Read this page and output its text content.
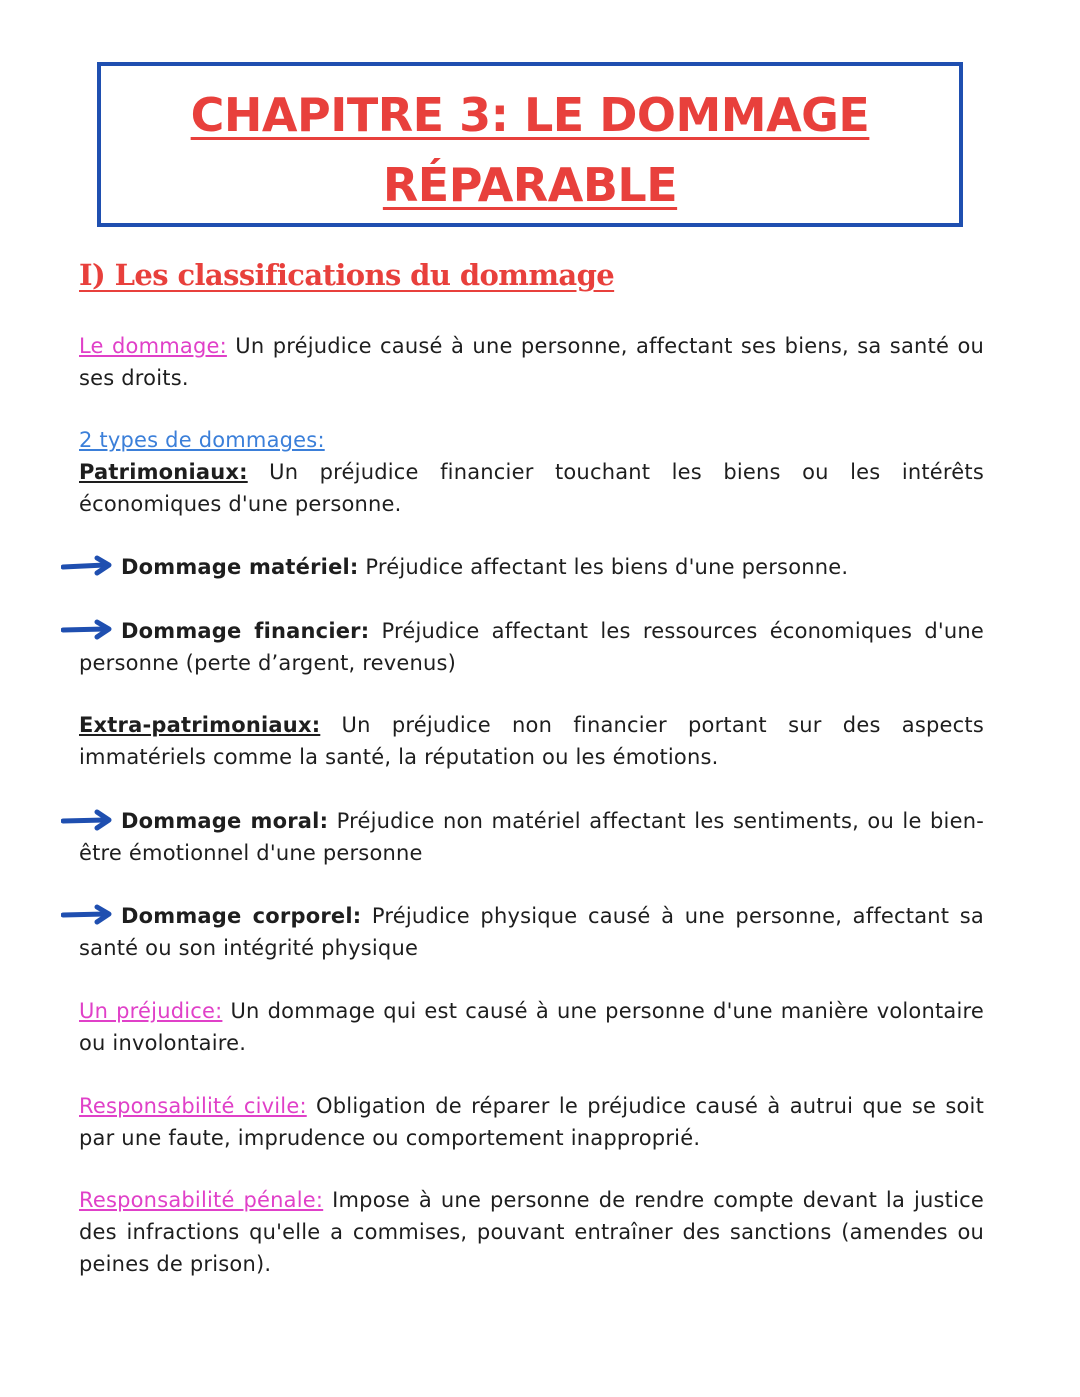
CHAPITRE 3: LE DOMMAGE
RÉPARABLE
I) Les classifications du dommage

Le dommage: Un préjudice causé à une personne, affectant ses biens, sa santé ou ses droits.

2 types de dommages:

Patrimoniaux: Un préjudice financier touchant les biens ou les intérêts économiques d'une personne.

Dommage matériel: Préjudice affectant les biens d'une personne.

Dommage financier: Préjudice affectant les ressources économiques d'une personne (perte d’argent, revenus)

Extra-patrimoniaux: Un préjudice non financier portant sur des aspects immatériels comme la santé, la réputation ou les émotions.

Dommage moral: Préjudice non matériel affectant les sentiments, ou le bien-être émotionnel d'une personne

Dommage corporel: Préjudice physique causé à une personne, affectant sa santé ou son intégrité physique

Un préjudice: Un dommage qui est causé à une personne d'une manière volontaire ou involontaire.

Responsabilité civile: Obligation de réparer le préjudice causé à autrui que se soit par une faute, imprudence ou comportement inapproprié.

Responsabilité pénale: Impose à une personne de rendre compte devant la justice des infractions qu'elle a commises, pouvant entraîner des sanctions (amendes ou peines de prison).
